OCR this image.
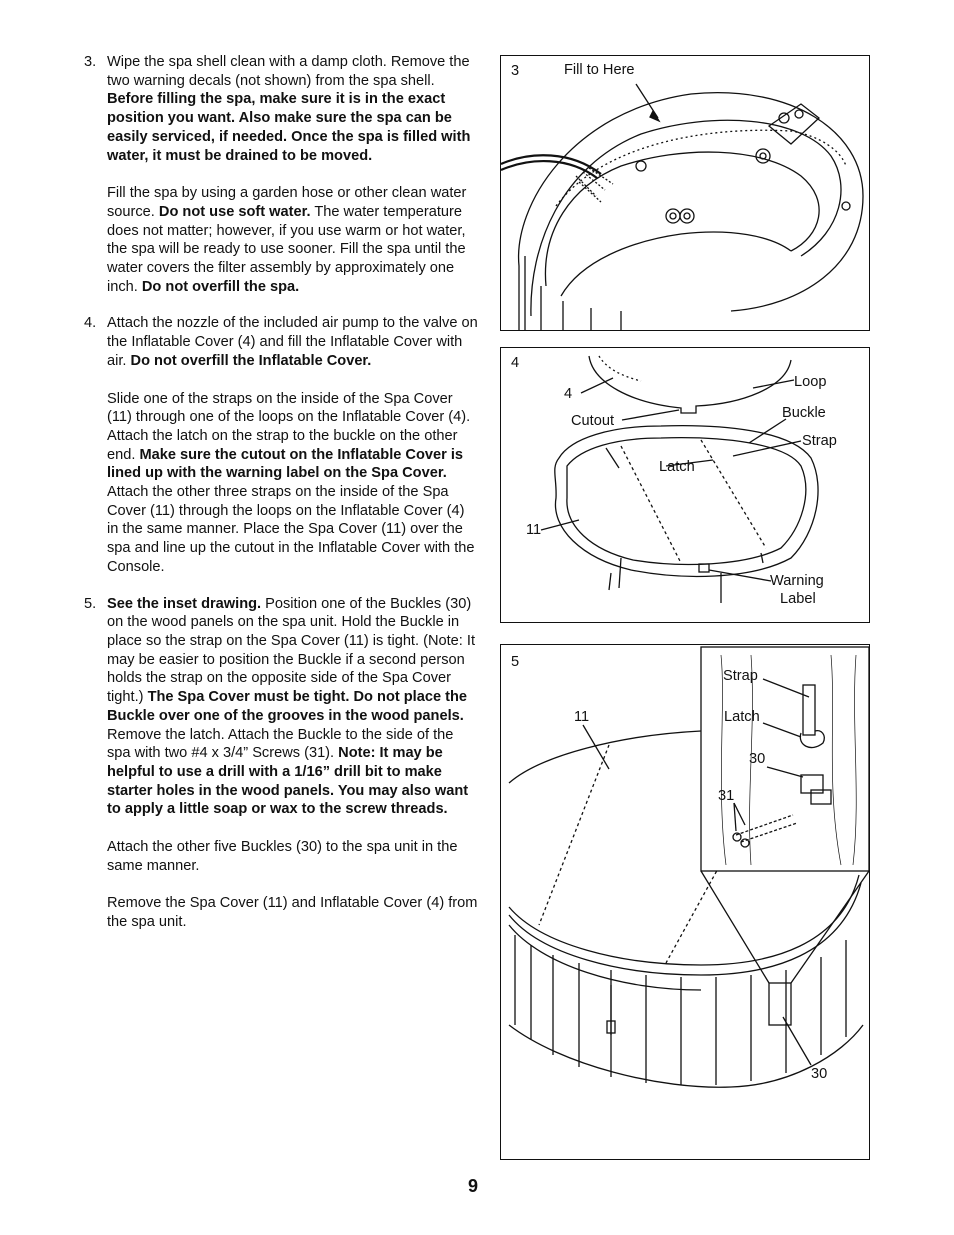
3. Wipe the spa shell clean with a damp cloth. Remove the two warning decals (not shown) from the spa shell. Before filling the spa, make sure it is in the exact position you want. Also make sure the spa can be easily serviced, if needed. Once the spa is filled with water, it must be drained to be moved.

Fill the spa by using a garden hose or other clean water source. Do not use soft water. The water temperature does not matter; however, if you use warm or hot water, the spa will be ready to use sooner. Fill the spa until the water covers the filter assembly by approximately one inch. Do not overfill the spa.

4. Attach the nozzle of the included air pump to the valve on the Inflatable Cover (4) and fill the Inflatable Cover with air. Do not overfill the Inflatable Cover.

Slide one of the straps on the inside of the Spa Cover (11) through one of the loops on the Inflatable Cover (4). Attach the latch on the strap to the buckle on the other end. Make sure the cutout on the Inflatable Cover is lined up with the warning label on the Spa Cover. Attach the other three straps on the inside of the Spa Cover (11) through the loops on the Inflatable Cover (4) in the same manner. Place the Spa Cover (11) over the spa and line up the cutout in the Inflatable Cover with the Console.

5. See the inset drawing. Position one of the Buckles (30) on the wood panels on the spa unit. Hold the Buckle in place so the strap on the Spa Cover (11) is tight. (Note: It may be easier to position the Buckle if a second person holds the strap on the opposite side of the Spa Cover tight.) The Spa Cover must be tight. Do not place the Buckle over one of the grooves in the wood panels. Remove the latch. Attach the Buckle to the side of the spa with two #4 x 3/4” Screws (31). Note: It may be helpful to use a drill with a 1/16” drill bit to make starter holes in the wood panels. You may also want to apply a little soap or wax to the screw threads.

Attach the other five Buckles (30) to the spa unit in the same manner.

Remove the Spa Cover (11) and Inflatable Cover (4) from the spa unit.

3	Fill to Here
4
4
Loop
Cutout	Buckle
Strap
Latch
11
Warning
Label
5
11
Strap
Latch
30
31
30
9
